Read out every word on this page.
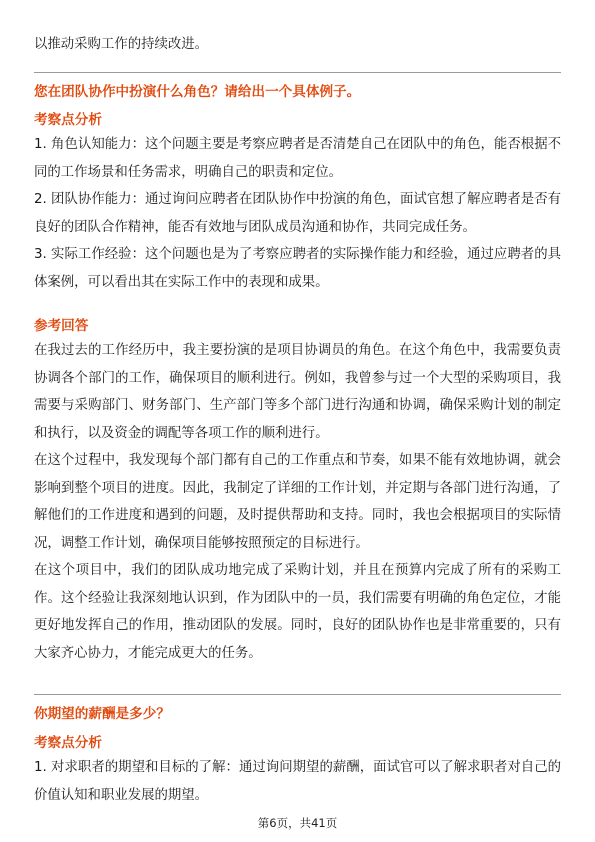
以推动采购工作的持续改进。

您在团队协作中扮演什么角色？请给出一个具体例子。

考察点分析

1. 角色认知能力：这个问题主要是考察应聘者是否清楚自己在团队中的角色，能否根据不同的工作场景和任务需求，明确自己的职责和定位。

2. 团队协作能力：通过询问应聘者在团队协作中扮演的角色，面试官想了解应聘者是否有良好的团队合作精神，能否有效地与团队成员沟通和协作，共同完成任务。

3. 实际工作经验：这个问题也是为了考察应聘者的实际操作能力和经验，通过应聘者的具体案例，可以看出其在实际工作中的表现和成果。

参考回答

在我过去的工作经历中，我主要扮演的是项目协调员的角色。在这个角色中，我需要负责协调各个部门的工作，确保项目的顺利进行。例如，我曾参与过一个大型的采购项目，我需要与采购部门、财务部门、生产部门等多个部门进行沟通和协调，确保采购计划的制定和执行，以及资金的调配等各项工作的顺利进行。

在这个过程中，我发现每个部门都有自己的工作重点和节奏，如果不能有效地协调，就会影响到整个项目的进度。因此，我制定了详细的工作计划，并定期与各部门进行沟通，了解他们的工作进度和遇到的问题，及时提供帮助和支持。同时，我也会根据项目的实际情况，调整工作计划，确保项目能够按照预定的目标进行。

在这个项目中，我们的团队成功地完成了采购计划，并且在预算内完成了所有的采购工作。这个经验让我深刻地认识到，作为团队中的一员，我们需要有明确的角色定位，才能更好地发挥自己的作用，推动团队的发展。同时，良好的团队协作也是非常重要的，只有大家齐心协力，才能完成更大的任务。

你期望的薪酬是多少？

考察点分析

1. 对求职者的期望和目标的了解：通过询问期望的薪酬，面试官可以了解求职者对自己的价值认知和职业发展的期望。

第6页，共41页
